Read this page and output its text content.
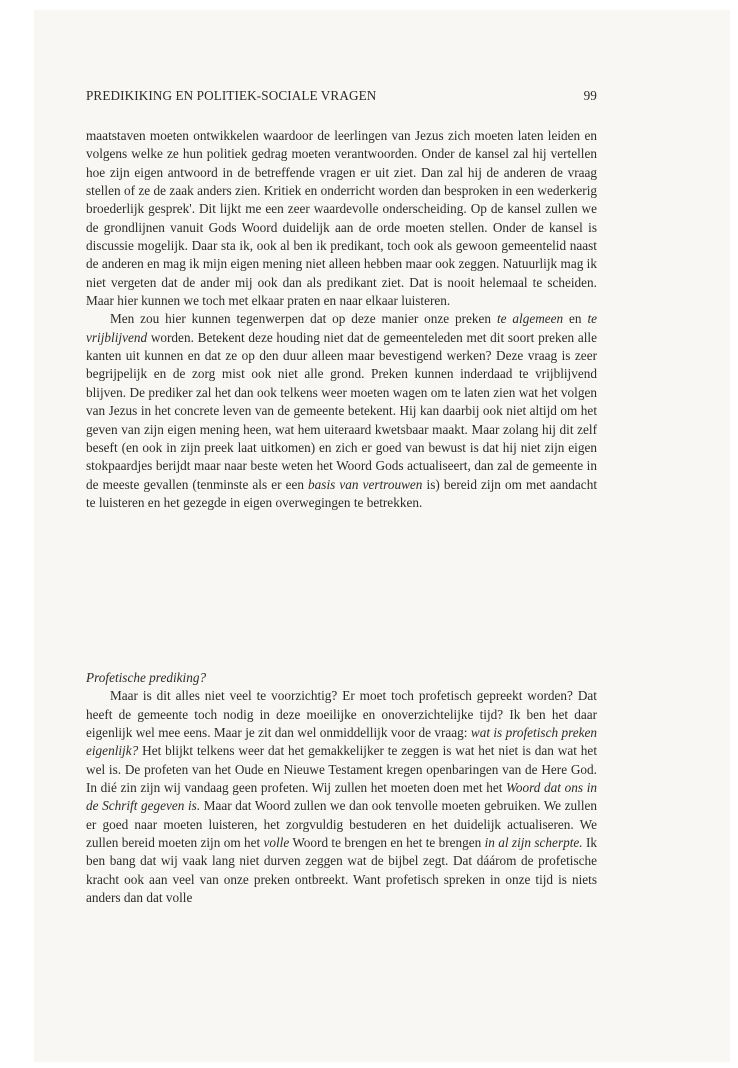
PREDIKIKING EN POLITIEK-SOCIALE VRAGEN	99

maatstaven moeten ontwikkelen waardoor de leerlingen van Jezus zich moeten laten leiden en volgens welke ze hun politiek gedrag moeten verantwoorden. Onder de kansel zal hij vertellen hoe zijn eigen antwoord in de betreffende vragen er uit ziet. Dan zal hij de anderen de vraag stellen of ze de zaak anders zien. Kritiek en onderricht worden dan besproken in een wederkerig broederlijk gesprek'. Dit lijkt me een zeer waardevolle onderscheiding. Op de kansel zullen we de grondlijnen vanuit Gods Woord duidelijk aan de orde moeten stellen. Onder de kansel is discussie mogelijk. Daar sta ik, ook al ben ik predikant, toch ook als gewoon gemeentelid naast de anderen en mag ik mijn eigen mening niet alleen hebben maar ook zeggen. Natuurlijk mag ik niet vergeten dat de ander mij ook dan als predikant ziet. Dat is nooit helemaal te scheiden. Maar hier kunnen we toch met elkaar praten en naar elkaar luisteren.

Men zou hier kunnen tegenwerpen dat op deze manier onze preken te algemeen en te vrijblijvend worden. Betekent deze houding niet dat de gemeenteleden met dit soort preken alle kanten uit kunnen en dat ze op den duur alleen maar bevestigend werken? Deze vraag is zeer begrijpelijk en de zorg mist ook niet alle grond. Preken kunnen inderdaad te vrijblijvend blijven. De prediker zal het dan ook telkens weer moeten wagen om te laten zien wat het volgen van Jezus in het concrete leven van de gemeente betekent. Hij kan daarbij ook niet altijd om het geven van zijn eigen mening heen, wat hem uiteraard kwetsbaar maakt. Maar zolang hij dit zelf beseft (en ook in zijn preek laat uitkomen) en zich er goed van bewust is dat hij niet zijn eigen stokpaardjes berijdt maar naar beste weten het Woord Gods actualiseert, dan zal de gemeente in de meeste gevallen (tenminste als er een basis van vertrouwen is) bereid zijn om met aandacht te luisteren en het gezegde in eigen overwegingen te betrekken.

Profetische prediking?

Maar is dit alles niet veel te voorzichtig? Er moet toch profetisch gepreekt worden? Dat heeft de gemeente toch nodig in deze moeilijke en onoverzichtelijke tijd? Ik ben het daar eigenlijk wel mee eens. Maar je zit dan wel onmiddellijk voor de vraag: wat is profetisch preken eigenlijk? Het blijkt telkens weer dat het gemakkelijker te zeggen is wat het niet is dan wat het wel is. De profeten van het Oude en Nieuwe Testament kregen openbaringen van de Here God. In dié zin zijn wij vandaag geen profeten. Wij zullen het moeten doen met het Woord dat ons in de Schrift gegeven is. Maar dat Woord zullen we dan ook tenvolle moeten gebruiken. We zullen er goed naar moeten luisteren, het zorgvuldig bestuderen en het duidelijk actualiseren. We zullen bereid moeten zijn om het volle Woord te brengen en het te brengen in al zijn scherpte. Ik ben bang dat wij vaak lang niet durven zeggen wat de bijbel zegt. Dat dáárom de profetische kracht ook aan veel van onze preken ontbreekt. Want profetisch spreken in onze tijd is niets anders dan dat volle
